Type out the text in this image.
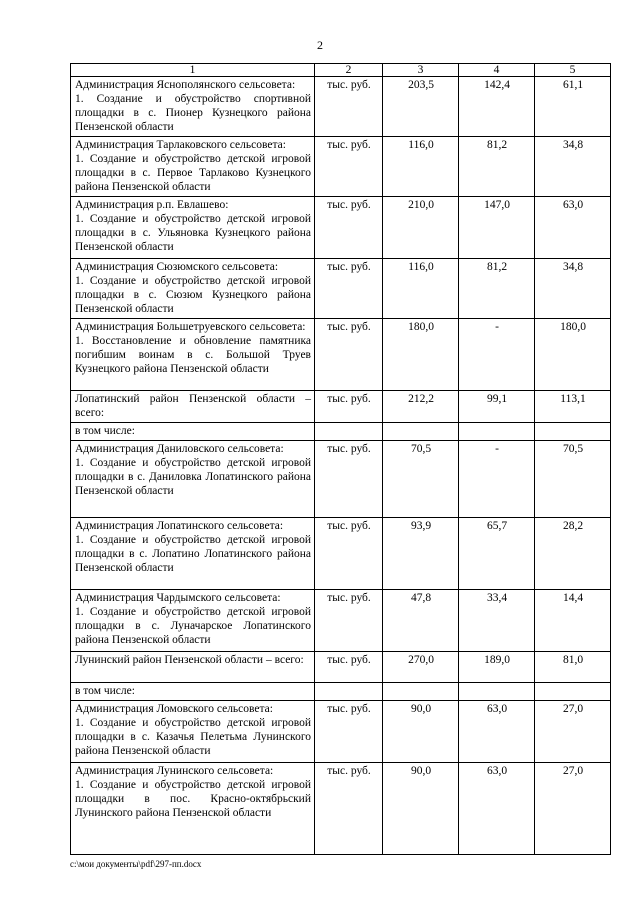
2
1	2	3	4	5

Администрация Яснополянского сельсовета:
1. Создание и обустройство спортивной площадки в с. Пионер Кузнецкого района Пензенской области	тыс. руб.	203,5	142,4	61,1

Администрация Тарлаковского сельсовета:
1. Создание и обустройство детской игровой площадки в с. Первое Тарлаково Кузнецкого района Пензенской области	тыс. руб.	116,0	81,2	34,8

Администрация р.п. Евлашево:
1. Создание и обустройство детской игровой площадки в с. Ульяновка Кузнецкого района Пензенской области	тыс. руб.	210,0	147,0	63,0

Администрация Сюзюмского сельсовета:
1. Создание и обустройство детской игровой площадки в с. Сюзюм Кузнецкого района Пензенской области	тыс. руб.	116,0	81,2	34,8

Администрация Большетруевского сельсовета:
1. Восстановление и обновление памятника погибшим воинам в с. Большой Труев Кузнецкого района Пензенской области	тыс. руб.	180,0	-	180,0

Лопатинский район Пензенской области – всего:	тыс. руб.	212,2	99,1	113,1

в том числе:				

Администрация Даниловского сельсовета:
1. Создание и обустройство детской игровой площадки в с. Даниловка Лопатинского района Пензенской области	тыс. руб.	70,5	-	70,5

Администрация Лопатинского сельсовета:
1. Создание и обустройство детской игровой площадки в с. Лопатино Лопатинского района Пензенской области	тыс. руб.	93,9	65,7	28,2

Администрация Чардымского сельсовета:
1. Создание и обустройство детской игровой площадки в с. Луначарское Лопатинского района Пензенской области	тыс. руб.	47,8	33,4	14,4

Лунинский район Пензенской области – всего:	тыс. руб.	270,0	189,0	81,0

в том числе:				

Администрация Ломовского сельсовета:
1. Создание и обустройство детской игровой площадки в с. Казачья Пелетьма Лунинского района Пензенской области	тыс. руб.	90,0	63,0	27,0

Администрация Лунинского сельсовета:
1. Создание и обустройство детской игровой площадки в пос. Красно-октябрьский Лунинского района Пензенской области	тыс. руб.	90,0	63,0	27,0
c:\мои документы\pdf\297-пп.docx
